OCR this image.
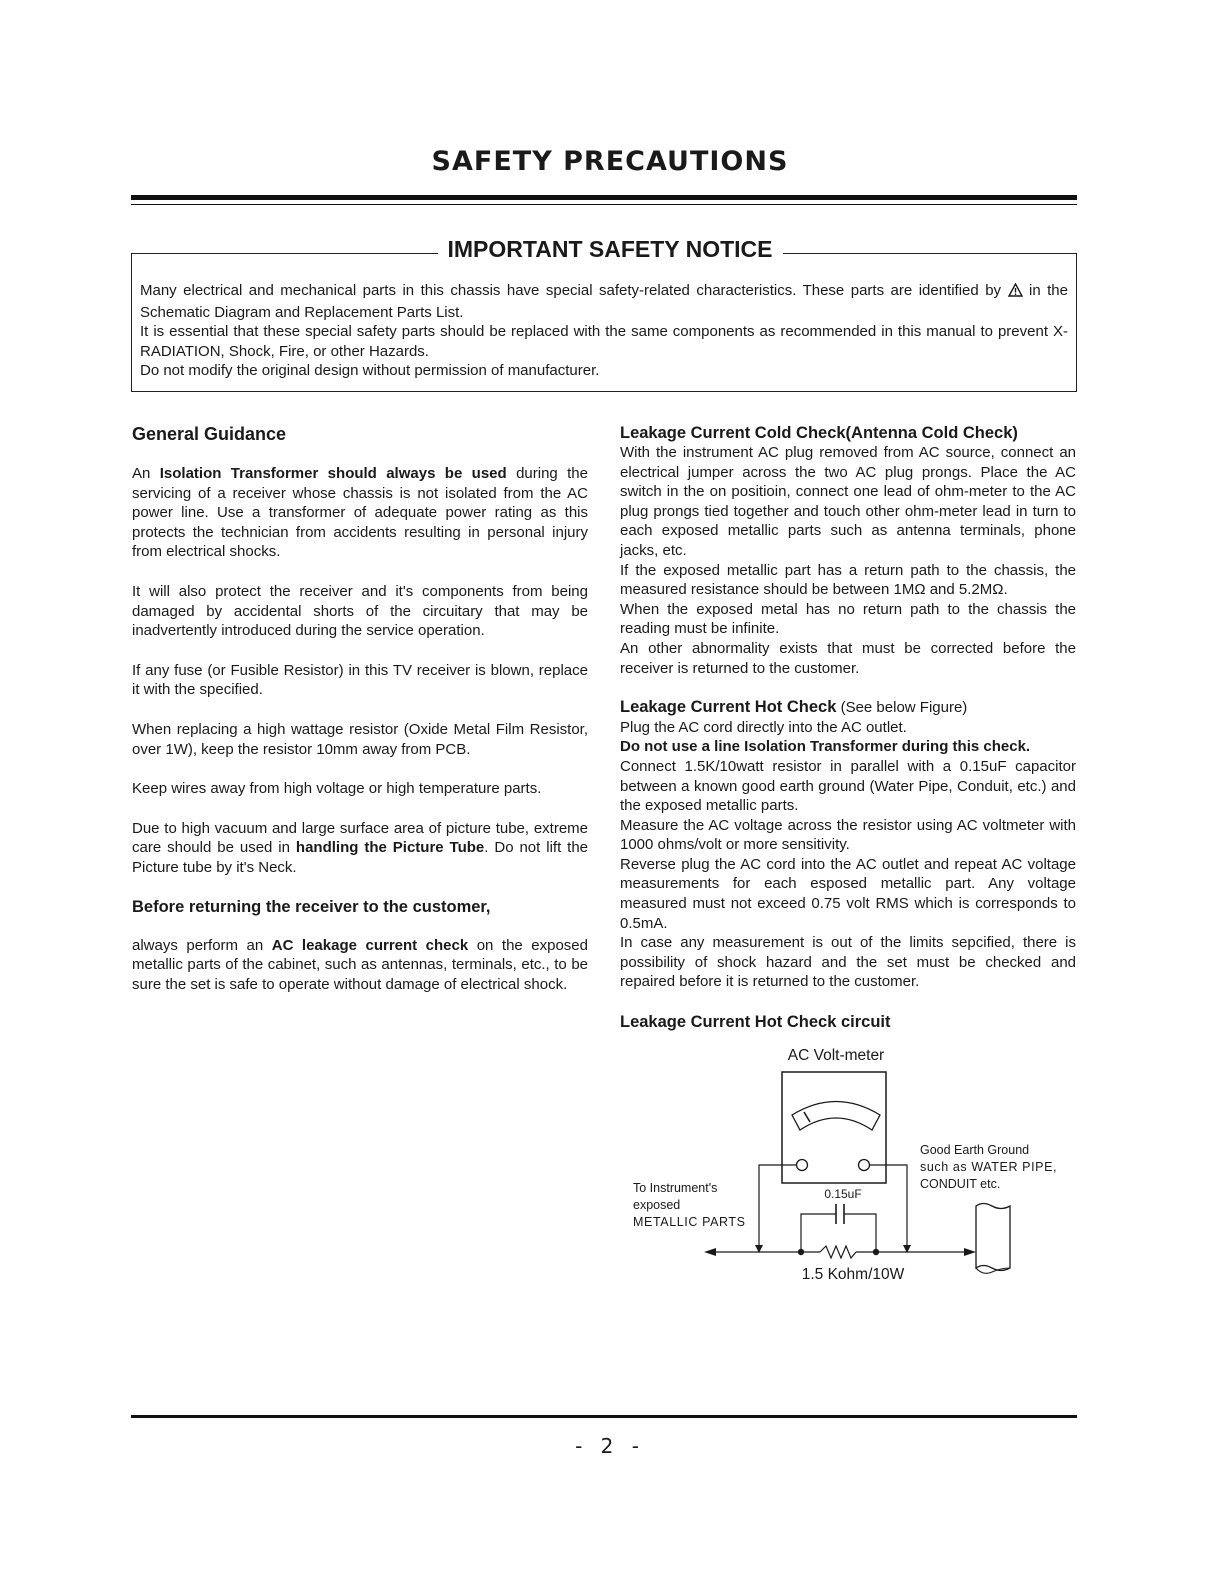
SAFETY PRECAUTIONS
IMPORTANT SAFETY NOTICE

Many electrical and mechanical parts in this chassis have special safety-related characteristics. These parts are identified by in the Schematic Diagram and Replacement Parts List.

It is essential that these special safety parts should be replaced with the same components as recommended in this manual to prevent X-RADIATION, Shock, Fire, or other Hazards.

Do not modify the original design without permission of manufacturer.

General Guidance

An Isolation Transformer should always be used during the servicing of a receiver whose chassis is not isolated from the AC power line. Use a transformer of adequate power rating as this protects the technician from accidents resulting in personal injury from electrical shocks.

It will also protect the receiver and it's components from being damaged by accidental shorts of the circuitary that may be inadvertently introduced during the service operation.

If any fuse (or Fusible Resistor) in this TV receiver is blown, replace it with the specified.

When replacing a high wattage resistor (Oxide Metal Film Resistor, over 1W), keep the resistor 10mm away from PCB.

Keep wires away from high voltage or high temperature parts.

Due to high vacuum and large surface area of picture tube, extreme care should be used in handling the Picture Tube. Do not lift the Picture tube by it's Neck.

Before returning the receiver to the customer,

always perform an AC leakage current check on the exposed metallic parts of the cabinet, such as antennas, terminals, etc., to be sure the set is safe to operate without damage of electrical shock.

Leakage Current Cold Check(Antenna Cold Check)

With the instrument AC plug removed from AC source, connect an electrical jumper across the two AC plug prongs. Place the AC switch in the on positioin, connect one lead of ohm-meter to the AC plug prongs tied together and touch other ohm-meter lead in turn to each exposed metallic parts such as antenna terminals, phone jacks, etc.

If the exposed metallic part has a return path to the chassis, the measured resistance should be between 1MΩ and 5.2MΩ.

When the exposed metal has no return path to the chassis the reading must be infinite.

An other abnormality exists that must be corrected before the receiver is returned to the customer.

Leakage Current Hot Check (See below Figure)

Plug the AC cord directly into the AC outlet.

Do not use a line Isolation Transformer during this check.

Connect 1.5K/10watt resistor in parallel with a 0.15uF capacitor between a known good earth ground (Water Pipe, Conduit, etc.) and the exposed metallic parts.

Measure the AC voltage across the resistor using AC voltmeter with 1000 ohms/volt or more sensitivity.

Reverse plug the AC cord into the AC outlet and repeat AC voltage measurements for each esposed metallic part. Any voltage measured must not exceed 0.75 volt RMS which is corresponds to 0.5mA.

In case any measurement is out of the limits sepcified, there is possibility of shock hazard and the set must be checked and repaired before it is returned to the customer.

Leakage Current Hot Check circuit
AC Volt-meter
0.15uF
1.5 Kohm/10W
To Instrument's
exposed
METALLIC PARTS
Good Earth Ground
such as WATER PIPE,
CONDUIT etc.
- 2 -
